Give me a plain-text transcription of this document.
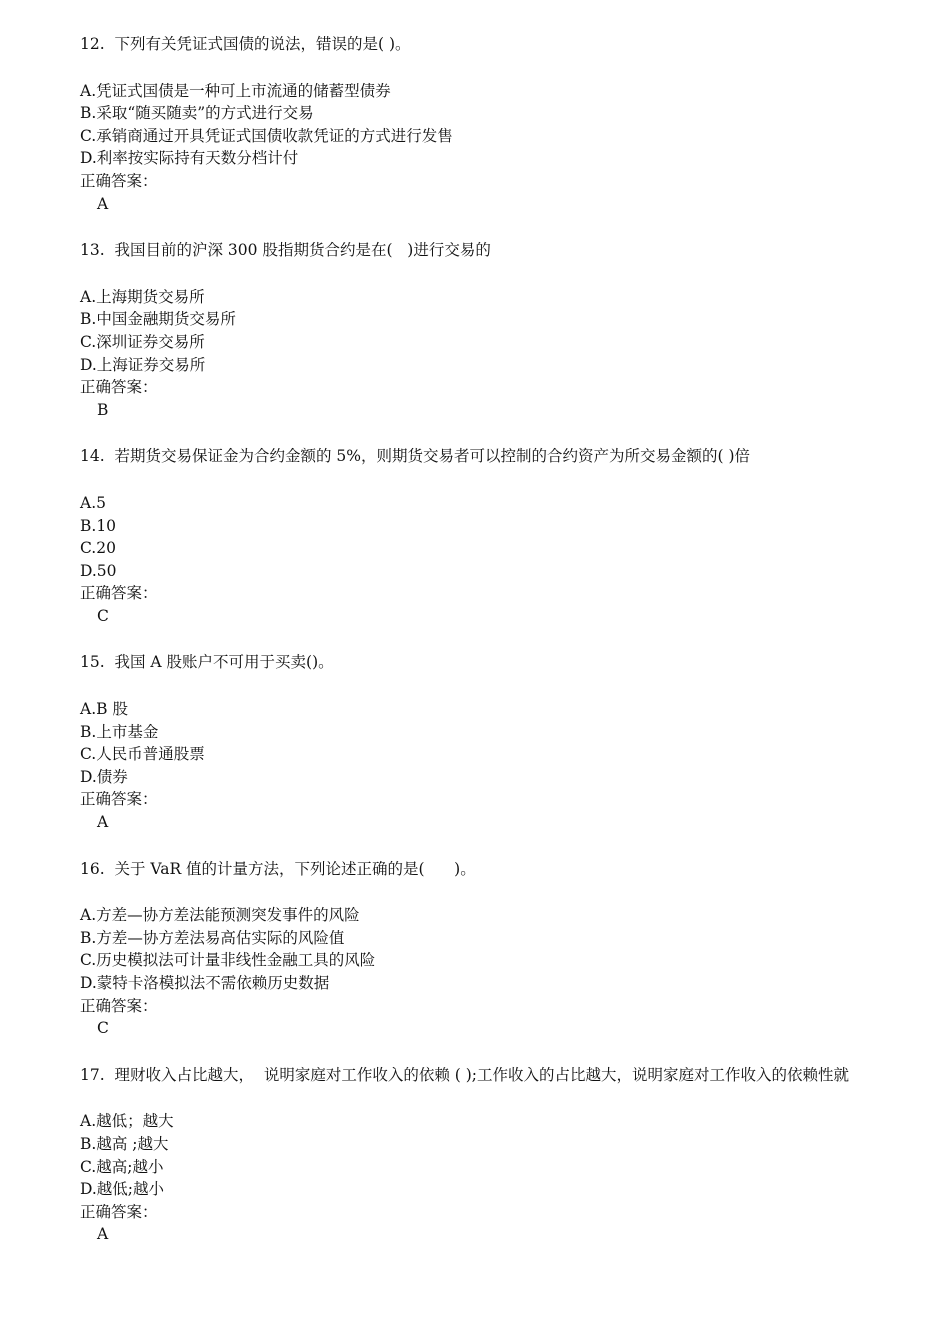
12.  下列有关凭证式国债的说法，错误的是( )。
A.凭证式国债是一种可上市流通的储蓄型债券
B.采取“随买随卖”的方式进行交易
C.承销商通过开具凭证式国债收款凭证的方式进行发售
D.利率按实际持有天数分档计付
正确答案：
A
13.  我国目前的沪深 300 股指期货合约是在(   )进行交易的
A.上海期货交易所
B.中国金融期货交易所
C.深圳证券交易所
D.上海证券交易所
正确答案：
B
14.  若期货交易保证金为合约金额的 5%，则期货交易者可以控制的合约资产为所交易金额的( )倍
A.5
B.10
C.20
D.50
正确答案：
C
15.  我国 A 股账户不可用于买卖()。
A.B 股
B.上市基金
C.人民币普通股票
D.债券
正确答案：
A
16.  关于 VaR 值的计量方法，下列论述正确的是(      )。
A.方差—协方差法能预测突发事件的风险
B.方差—协方差法易高估实际的风险值
C.历史模拟法可计量非线性金融工具的风险
D.蒙特卡洛模拟法不需依赖历史数据
正确答案：
C
17.  理财收入占比越大，  说明家庭对工作收入的依赖 ( );工作收入的占比越大，说明家庭对工作收入的依赖性就
A.越低；越大
B.越高 ;越大
C.越高;越小
D.越低;越小
正确答案：
A
